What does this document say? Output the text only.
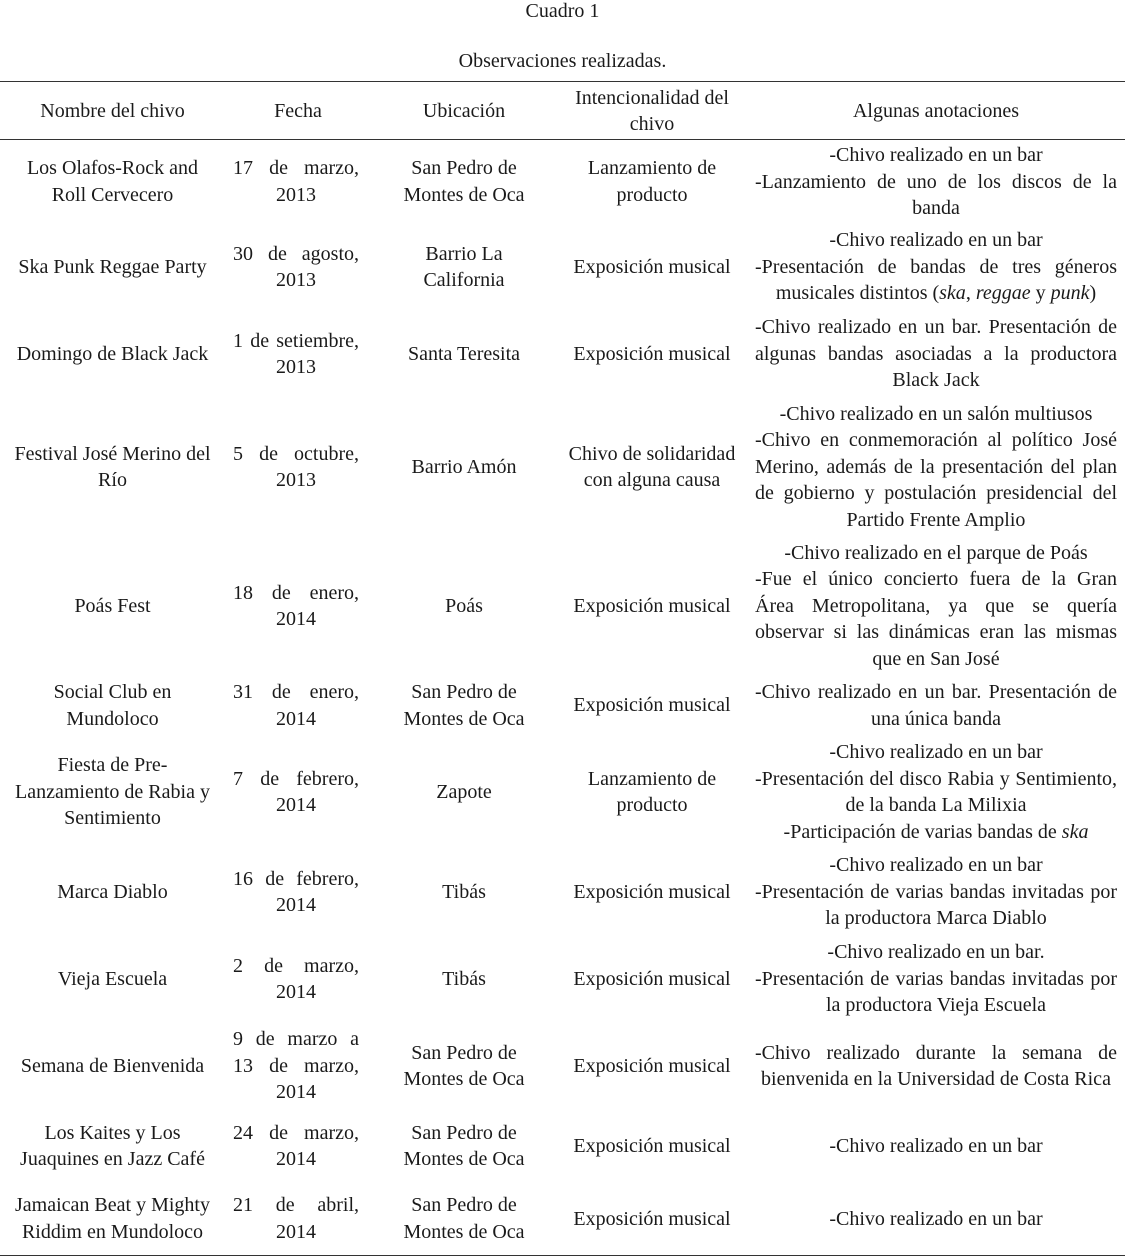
Cuadro 1
Observaciones realizadas.
Nombre del chivo	Fecha	Ubicación	Intencionalidad del chivo	Algunas anotaciones
Los Olafos-Rock and Roll Cervecero	17 de marzo, 2013	San Pedro de Montes de Oca	Lanzamiento de producto	-Chivo realizado en un bar
-Lanzamiento de uno de los discos de la banda

Ska Punk Reggae Party	30 de agosto, 2013	Barrio La California	Exposición musical	-Chivo realizado en un bar
-Presentación de bandas de tres géneros musicales distintos (ska, reggae y punk)

Domingo de Black Jack	1 de setiembre, 2013	Santa Teresita	Exposición musical	-Chivo realizado en un bar. Presentación de algunas bandas asociadas a la productora Black Jack

Festival José Merino del Río	5 de octubre, 2013	Barrio Amón	Chivo de solidaridad con alguna causa	-Chivo realizado en un salón multiusos
-Chivo en conmemoración al político José Merino, además de la presentación del plan de gobierno y postulación presidencial del Partido Frente Amplio

Poás Fest	18 de enero, 2014	Poás	Exposición musical	-Chivo realizado en el parque de Poás
-Fue el único concierto fuera de la Gran Área Metropolitana, ya que se quería observar si las dinámicas eran las mismas que en San José

Social Club en Mundoloco	31 de enero, 2014	San Pedro de Montes de Oca	Exposición musical	-Chivo realizado en un bar. Presentación de una única banda

Fiesta de Pre-Lanzamiento de Rabia y Sentimiento	7 de febrero, 2014	Zapote	Lanzamiento de producto	-Chivo realizado en un bar
-Presentación del disco Rabia y Sentimiento, de la banda La Milixia
-Participación de varias bandas de ska

Marca Diablo	16 de febrero, 2014	Tibás	Exposición musical	-Chivo realizado en un bar
-Presentación de varias bandas invitadas por la productora Marca Diablo

Vieja Escuela	2 de marzo, 2014	Tibás	Exposición musical	-Chivo realizado en un bar.
-Presentación de varias bandas invitadas por la productora Vieja Escuela

Semana de Bienvenida	9 de marzo a 13 de marzo, 2014	San Pedro de Montes de Oca	Exposición musical	-Chivo realizado durante la semana de bienvenida en la Universidad de Costa Rica

Los Kaites y Los Juaquines en Jazz Café	24 de marzo, 2014	San Pedro de Montes de Oca	Exposición musical	-Chivo realizado en un bar

Jamaican Beat y Mighty Riddim en Mundoloco	21 de abril, 2014	San Pedro de Montes de Oca	Exposición musical	-Chivo realizado en un bar
